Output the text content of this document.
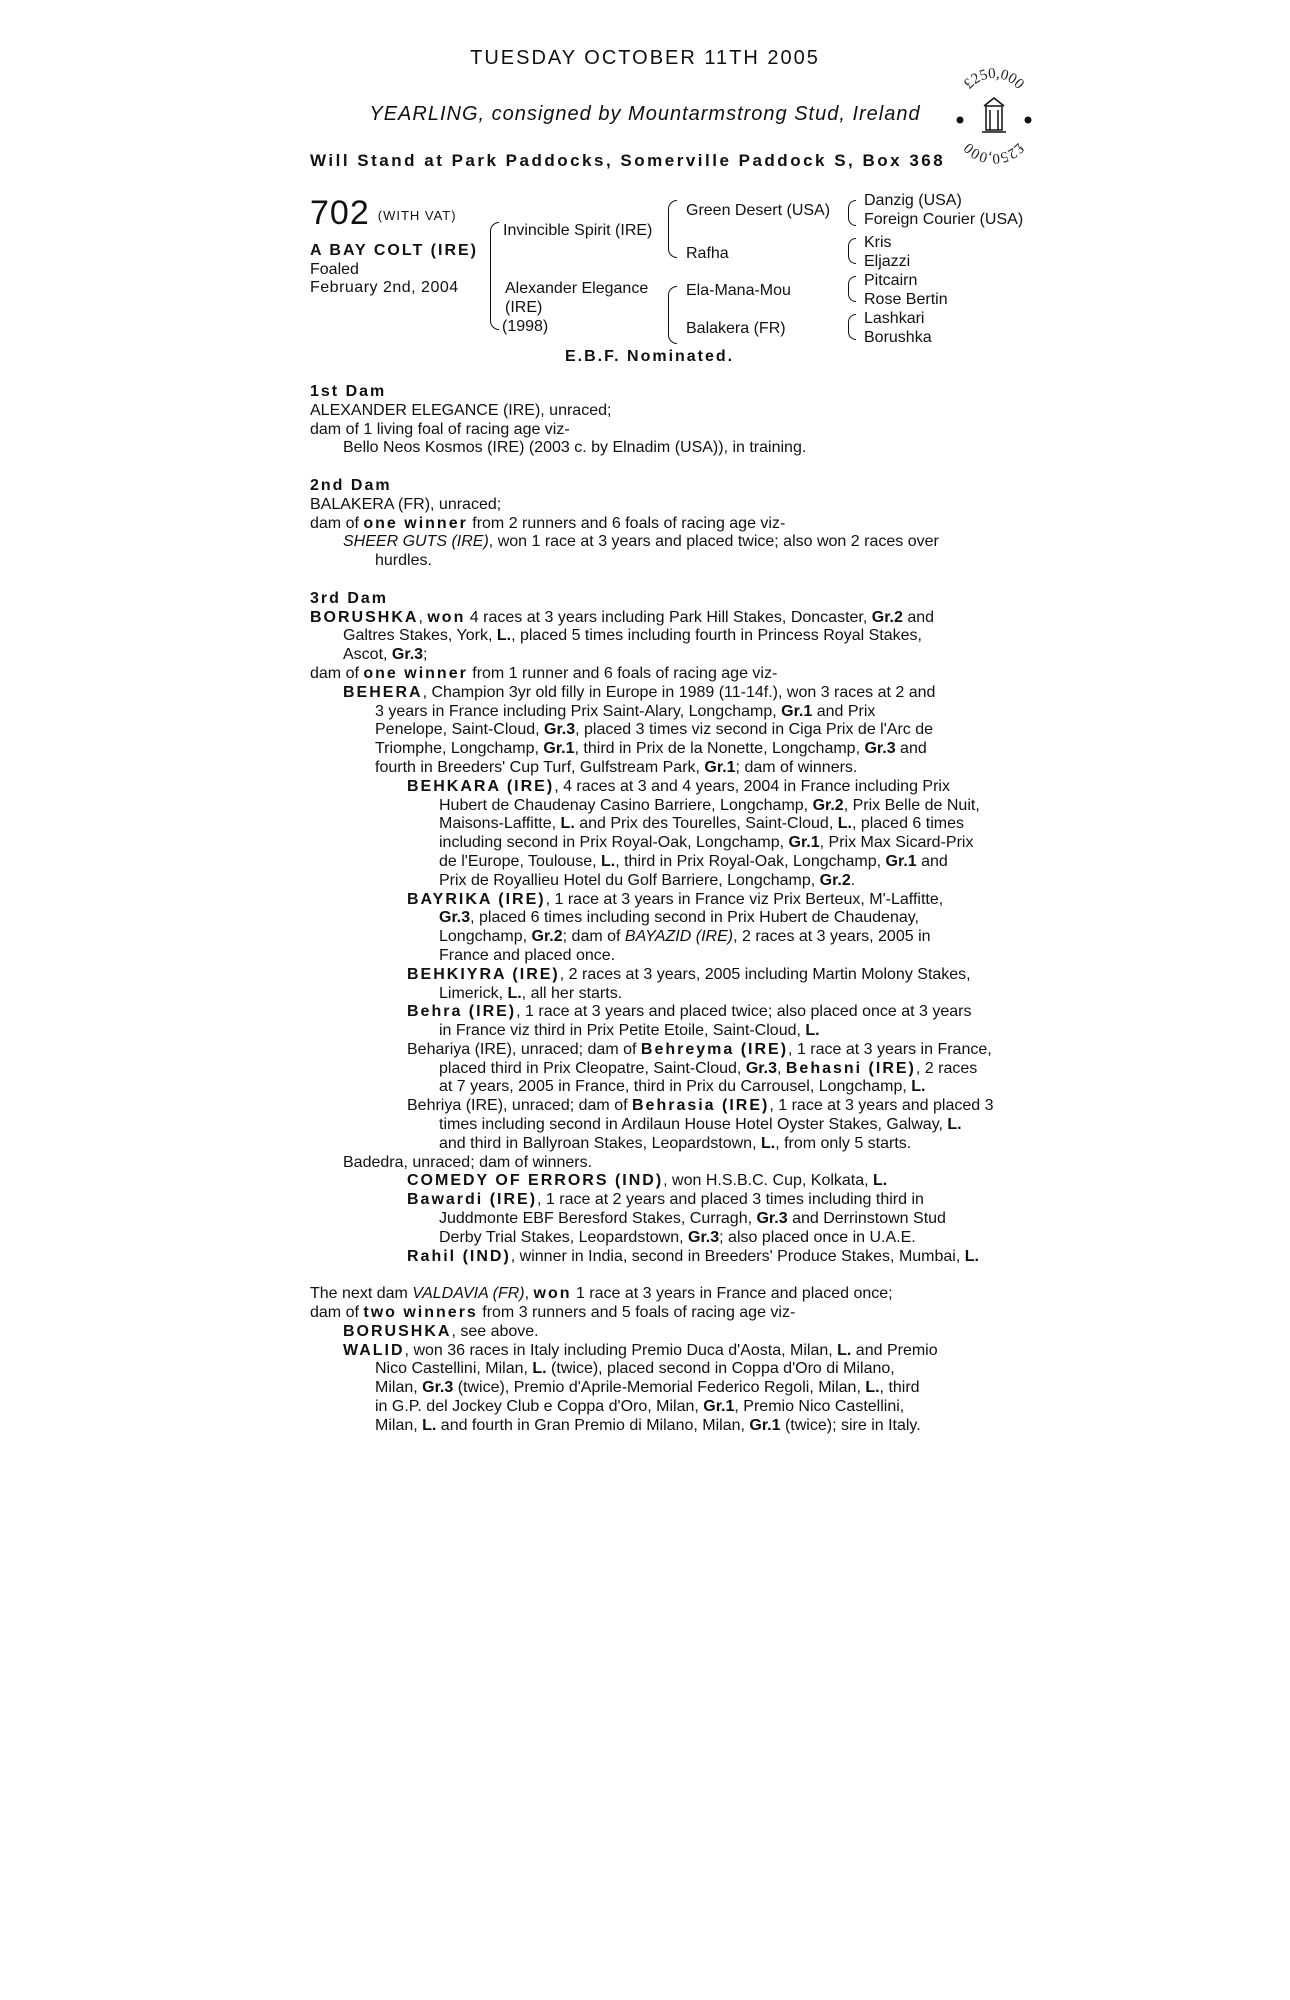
TUESDAY OCTOBER 11TH 2005
YEARLING, consigned by Mountarmstrong Stud, Ireland
Will Stand at Park Paddocks, Somerville Paddock S, Box 368
£250,000
£250,000
702 (WITH VAT)
A BAY COLT (IRE)
Foaled
February 2nd, 2004
Invincible Spirit (IRE)
Alexander Elegance
(IRE)
(1998)
Green Desert (USA)
Rafha
Ela-Mana-Mou
Balakera (FR)
Danzig (USA)
Foreign Courier (USA)
Kris
Eljazzi
Pitcairn
Rose Bertin
Lashkari
Borushka
E.B.F. Nominated.
1st Dam
ALEXANDER ELEGANCE (IRE), unraced;
dam of 1 living foal of racing age viz-
Bello Neos Kosmos (IRE) (2003 c. by Elnadim (USA)), in training.
2nd Dam
BALAKERA (FR), unraced;
dam of one winner from 2 runners and 6 foals of racing age viz-
SHEER GUTS (IRE), won 1 race at 3 years and placed twice; also won 2 races over
hurdles.
3rd Dam
BORUSHKA, won 4 races at 3 years including Park Hill Stakes, Doncaster, Gr.2 and
Galtres Stakes, York, L., placed 5 times including fourth in Princess Royal Stakes,
Ascot, Gr.3;
dam of one winner from 1 runner and 6 foals of racing age viz-
BEHERA, Champion 3yr old filly in Europe in 1989 (11-14f.), won 3 races at 2 and
3 years in France including Prix Saint-Alary, Longchamp, Gr.1 and Prix
Penelope, Saint-Cloud, Gr.3, placed 3 times viz second in Ciga Prix de l'Arc de
Triomphe, Longchamp, Gr.1, third in Prix de la Nonette, Longchamp, Gr.3 and
fourth in Breeders' Cup Turf, Gulfstream Park, Gr.1; dam of winners.
BEHKARA (IRE), 4 races at 3 and 4 years, 2004 in France including Prix
Hubert de Chaudenay Casino Barriere, Longchamp, Gr.2, Prix Belle de Nuit,
Maisons-Laffitte, L. and Prix des Tourelles, Saint-Cloud, L., placed 6 times
including second in Prix Royal-Oak, Longchamp, Gr.1, Prix Max Sicard-Prix
de l'Europe, Toulouse, L., third in Prix Royal-Oak, Longchamp, Gr.1 and
Prix de Royallieu Hotel du Golf Barriere, Longchamp, Gr.2.
BAYRIKA (IRE), 1 race at 3 years in France viz Prix Berteux, M'-Laffitte,
Gr.3, placed 6 times including second in Prix Hubert de Chaudenay,
Longchamp, Gr.2; dam of BAYAZID (IRE), 2 races at 3 years, 2005 in
France and placed once.
BEHKIYRA (IRE), 2 races at 3 years, 2005 including Martin Molony Stakes,
Limerick, L., all her starts.
Behra (IRE), 1 race at 3 years and placed twice; also placed once at 3 years
in France viz third in Prix Petite Etoile, Saint-Cloud, L.
Behariya (IRE), unraced; dam of Behreyma (IRE), 1 race at 3 years in France,
placed third in Prix Cleopatre, Saint-Cloud, Gr.3, Behasni (IRE), 2 races
at 7 years, 2005 in France, third in Prix du Carrousel, Longchamp, L.
Behriya (IRE), unraced; dam of Behrasia (IRE), 1 race at 3 years and placed 3
times including second in Ardilaun House Hotel Oyster Stakes, Galway, L.
and third in Ballyroan Stakes, Leopardstown, L., from only 5 starts.
Badedra, unraced; dam of winners.
COMEDY OF ERRORS (IND), won H.S.B.C. Cup, Kolkata, L.
Bawardi (IRE), 1 race at 2 years and placed 3 times including third in
Juddmonte EBF Beresford Stakes, Curragh, Gr.3 and Derrinstown Stud
Derby Trial Stakes, Leopardstown, Gr.3; also placed once in U.A.E.
Rahil (IND), winner in India, second in Breeders' Produce Stakes, Mumbai, L.
The next dam VALDAVIA (FR), won 1 race at 3 years in France and placed once;
dam of two winners from 3 runners and 5 foals of racing age viz-
BORUSHKA, see above.
WALID, won 36 races in Italy including Premio Duca d'Aosta, Milan, L. and Premio
Nico Castellini, Milan, L. (twice), placed second in Coppa d'Oro di Milano,
Milan, Gr.3 (twice), Premio d'Aprile-Memorial Federico Regoli, Milan, L., third
in G.P. del Jockey Club e Coppa d'Oro, Milan, Gr.1, Premio Nico Castellini,
Milan, L. and fourth in Gran Premio di Milano, Milan, Gr.1 (twice); sire in Italy.
